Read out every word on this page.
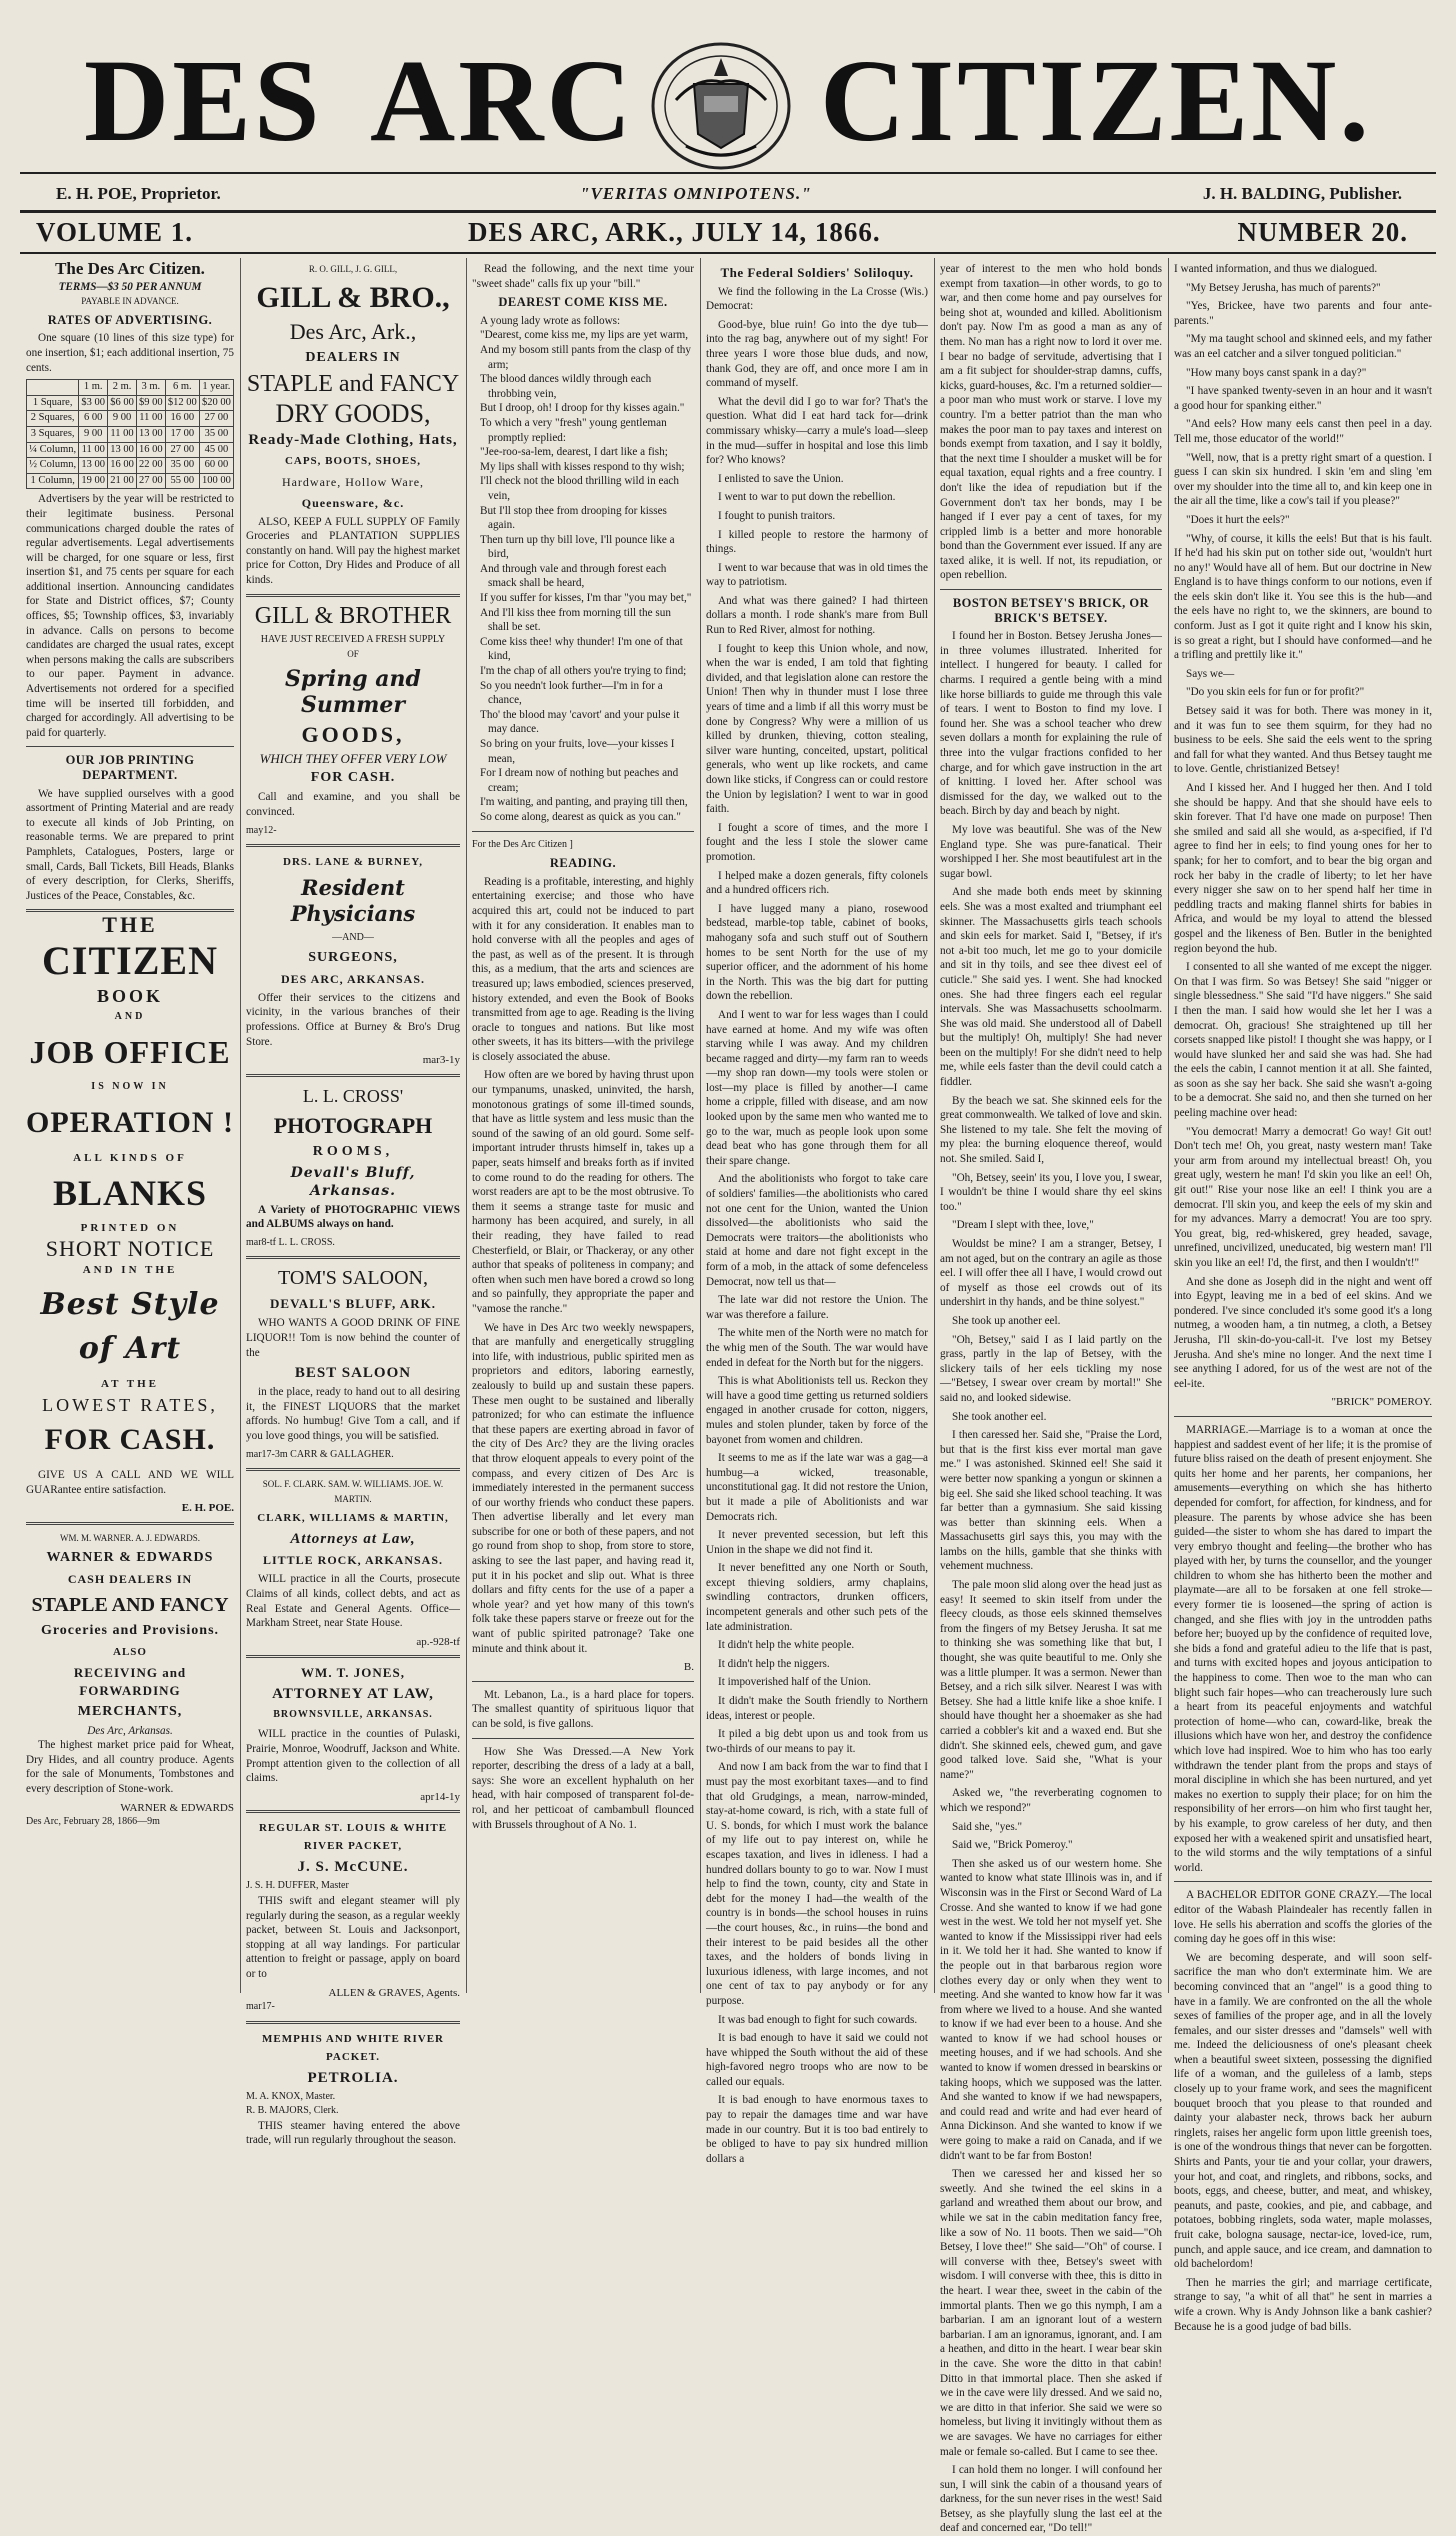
DES ARC CITIZEN.
E. H. POE, Proprietor.	"VERITAS OMNIPOTENS."	J. H. BALDING, Publisher.
VOLUME 1.	DES ARC, ARK., JULY 14, 1866.	NUMBER 20.
The Des Arc Citizen.
TERMS—$3 50 PER ANNUM
PAYABLE IN ADVANCE.
RATES OF ADVERTISING.

One square (10 lines of this size type) for one insertion, $1; each additional insertion, 75 cents.

	1 m.	2 m.	3 m.	6 m.	1 year.
1 Square,	$3 00	$6 00	$9 00	$12 00	$20 00
2 Squares,	6 00	9 00	11 00	16 00	27 00
3 Squares,	9 00	11 00	13 00	17 00	35 00
¼ Column,	11 00	13 00	16 00	27 00	45 00
½ Column,	13 00	16 00	22 00	35 00	60 00
1 Column,	19 00	21 00	27 00	55 00	100 00

Advertisers by the year will be restricted to their legitimate business. Personal communications charged double the rates of regular advertisements. Legal advertisements will be charged, for one square or less, first insertion $1, and 75 cents per square for each additional insertion. Announcing candidates for State and District offices, $7; County offices, $5; Township offices, $3, invariably in advance. Calls on persons to become candidates are charged the usual rates, except when persons making the calls are subscribers to our paper. Payment in advance. Advertisements not ordered for a specified time will be inserted till forbidden, and charged for accordingly. All advertising to be paid for quarterly.

OUR JOB PRINTING DEPARTMENT.

We have supplied ourselves with a good assortment of Printing Material and are ready to execute all kinds of Job Printing, on reasonable terms. We are prepared to print Pamphlets, Catalogues, Posters, large or small, Cards, Ball Tickets, Bill Heads, Blanks of every description, for Clerks, Sheriffs, Justices of the Peace, Constables, &c.

THE
CITIZEN
BOOK
AND
JOB OFFICE
IS NOW IN
OPERATION !
ALL KINDS OF
BLANKS
PRINTED ON
SHORT NOTICE
AND IN THE
Best Style of Art
AT THE
LOWEST RATES,
FOR CASH.

GIVE US A CALL AND WE WILL GUARantee entire satisfaction.

E. H. POE.
WM. M. WARNER. A. J. EDWARDS.
WARNER & EDWARDS
CASH DEALERS IN
STAPLE AND FANCY
Groceries and Provisions.
ALSO
RECEIVING and FORWARDING
MERCHANTS,
Des Arc, Arkansas.

The highest market price paid for Wheat, Dry Hides, and all country produce. Agents for the sale of Monuments, Tombstones and every description of Stone-work.

WARNER & EDWARDS
Des Arc, February 28, 1866—9m
R. O. GILL, J. G. GILL,
GILL & BRO.,
Des Arc, Ark.,
DEALERS IN
STAPLE and FANCY
DRY GOODS,
Ready-Made Clothing, Hats,
CAPS, BOOTS, SHOES,
Hardware, Hollow Ware,
Queensware, &c.

ALSO, KEEP A FULL SUPPLY OF Family Groceries and PLANTATION SUPPLIES constantly on hand. Will pay the highest market price for Cotton, Dry Hides and Produce of all kinds.

GILL & BROTHER
HAVE JUST RECEIVED A FRESH SUPPLY
OF
Spring and Summer
GOODS,
WHICH THEY OFFER VERY LOW
FOR CASH.

Call and examine, and you shall be convinced.

may12-
DRS. LANE & BURNEY,
Resident Physicians
—AND—
SURGEONS,
DES ARC, ARKANSAS.

Offer their services to the citizens and vicinity, in the various branches of their professions. Office at Burney & Bro's Drug Store.

mar3-1y
L. L. CROSS'
PHOTOGRAPH
ROOMS,
Devall's Bluff, Arkansas.

A Variety of PHOTOGRAPHIC VIEWS and ALBUMS always on hand.

mar8-tf L. L. CROSS.
TOM'S SALOON,
DEVALL'S BLUFF, ARK.

WHO WANTS A GOOD DRINK OF FINE LIQUOR!! Tom is now behind the counter of the

BEST SALOON

in the place, ready to hand out to all desiring it, the FINEST LIQUORS that the market affords. No humbug! Give Tom a call, and if you love good things, you will be satisfied.

mar17-3m CARR & GALLAGHER.
SOL. F. CLARK. SAM. W. WILLIAMS. JOE. W. MARTIN.
CLARK, WILLIAMS & MARTIN,
Attorneys at Law,
LITTLE ROCK, ARKANSAS.

WILL practice in all the Courts, prosecute Claims of all kinds, collect debts, and act as Real Estate and General Agents. Office—Markham Street, near State House.

ap.-928-tf
WM. T. JONES,
ATTORNEY AT LAW,
BROWNSVILLE, ARKANSAS.

WILL practice in the counties of Pulaski, Prairie, Monroe, Woodruff, Jackson and White. Prompt attention given to the collection of all claims.

apr14-1y
REGULAR ST. LOUIS & WHITE RIVER PACKET,
J. S. McCUNE.
J. S. H. DUFFER, Master

THIS swift and elegant steamer will ply regularly during the season, as a regular weekly packet, between St. Louis and Jacksonport, stopping at all way landings. For particular attention to freight or passage, apply on board or to

ALLEN & GRAVES, Agents.
mar17-
MEMPHIS AND WHITE RIVER PACKET.
PETROLIA.
M. A. KNOX, Master.
R. B. MAJORS, Clerk.

THIS steamer having entered the above trade, will run regularly throughout the season.

Read the following, and the next time your "sweet shade" calls fix up your "bill."

DEAREST COME KISS ME.
A young lady wrote as follows:
"Dearest, come kiss me, my lips are yet warm,
And my bosom still pants from the clasp of thy arm;
The blood dances wildly through each throbbing vein,
But I droop, oh! I droop for thy kisses again."
To which a very "fresh" young gentleman promptly replied:
"Jee-roo-sa-lem, dearest, I dart like a fish;
My lips shall with kisses respond to thy wish;
I'll check not the blood thrilling wild in each vein,
But I'll stop thee from drooping for kisses again.
Then turn up thy bill love, I'll pounce like a bird,
And through vale and through forest each smack shall be heard,
If you suffer for kisses, I'm thar "you may bet,"
And I'll kiss thee from morning till the sun shall be set.
Come kiss thee! why thunder! I'm one of that kind,
I'm the chap of all others you're trying to find;
So you needn't look further—I'm in for a chance,
Tho' the blood may 'cavort' and your pulse it may dance.
So bring on your fruits, love—your kisses I mean,
For I dream now of nothing but peaches and cream;
I'm waiting, and panting, and praying till then,
So come along, dearest as quick as you can."
For the Des Arc Citizen ]
READING.

Reading is a profitable, interesting, and highly entertaining exercise; and those who have acquired this art, could not be induced to part with it for any consideration. It enables man to hold converse with all the peoples and ages of the past, as well as of the present. It is through this, as a medium, that the arts and sciences are treasured up; laws embodied, sciences preserved, history extended, and even the Book of Books transmitted from age to age. Reading is the living oracle to tongues and nations. But like most other sweets, it has its bitters—with the privilege is closely associated the abuse.

How often are we bored by having thrust upon our tympanums, unasked, uninvited, the harsh, monotonous gratings of some ill-timed sounds, that have as little system and less music than the sound of the sawing of an old gourd. Some self-important intruder thrusts himself in, takes up a paper, seats himself and breaks forth as if invited to come round to do the reading for others. The worst readers are apt to be the most obtrusive. To them it seems a strange taste for music and harmony has been acquired, and surely, in all their reading, they have failed to read Chesterfield, or Blair, or Thackeray, or any other author that speaks of politeness in company; and often when such men have bored a crowd so long and so painfully, they appropriate the paper and "vamose the ranche."

We have in Des Arc two weekly newspapers, that are manfully and energetically struggling into life, with industrious, public spirited men as proprietors and editors, laboring earnestly, zealously to build up and sustain these papers. These men ought to be sustained and liberally patronized; for who can estimate the influence that these papers are exerting abroad in favor of the city of Des Arc? they are the living oracles that throw eloquent appeals to every point of the compass, and every citizen of Des Arc is immediately interested in the permanent success of our worthy friends who conduct these papers. Then advertise liberally and let every man subscribe for one or both of these papers, and not go round from shop to shop, from store to store, asking to see the last paper, and having read it, put it in his pocket and slip out. What is three dollars and fifty cents for the use of a paper a whole year? and yet how many of this town's folk take these papers starve or freeze out for the want of public spirited patronage? Take one minute and think about it.

B.

Mt. Lebanon, La., is a hard place for topers. The smallest quantity of spirituous liquor that can be sold, is five gallons.

How She Was Dressed.—A New York reporter, describing the dress of a lady at a ball, says: She wore an excellent hyphaluth on her head, with hair composed of transparent fol-de-rol, and her petticoat of cambambull flounced with Brussels throughout of A No. 1.

The Federal Soldiers' Soliloquy.

We find the following in the La Crosse (Wis.) Democrat:

Good-bye, blue ruin! Go into the dye tub—into the rag bag, anywhere out of my sight! For three years I wore those blue duds, and now, thank God, they are off, and once more I am in command of myself.

What the devil did I go to war for? That's the question. What did I eat hard tack for—drink commissary whisky—carry a mule's load—sleep in the mud—suffer in hospital and lose this limb for? Who knows?

I enlisted to save the Union.

I went to war to put down the rebellion.

I fought to punish traitors.

I killed people to restore the harmony of things.

I went to war because that was in old times the way to patriotism.

And what was there gained? I had thirteen dollars a month. I rode shank's mare from Bull Run to Red River, almost for nothing.

I fought to keep this Union whole, and now, when the war is ended, I am told that fighting divided, and that legislation alone can restore the Union! Then why in thunder must I lose three years of time and a limb if all this worry must be done by Congress? Why were a million of us killed by drunken, thieving, cotton stealing, silver ware hunting, conceited, upstart, political generals, who went up like rockets, and came down like sticks, if Congress can or could restore the Union by legislation? I went to war in good faith.

I fought a score of times, and the more I fought and the less I stole the slower came promotion.

I helped make a dozen generals, fifty colonels and a hundred officers rich.

I have lugged many a piano, rosewood bedstead, marble-top table, cabinet of books, mahogany sofa and such stuff out of Southern homes to be sent North for the use of my superior officer, and the adornment of his home in the North. This was the big dart for putting down the rebellion.

And I went to war for less wages than I could have earned at home. And my wife was often starving while I was away. And my children became ragged and dirty—my farm ran to weeds—my shop ran down—my tools were stolen or lost—my place is filled by another—I came home a cripple, filled with disease, and am now looked upon by the same men who wanted me to go to the war, much as people look upon some dead beat who has gone through them for all their spare change.

And the abolitionists who forgot to take care of soldiers' families—the abolitionists who cared not one cent for the Union, wanted the Union dissolved—the abolitionists who said the Democrats were traitors—the abolitionists who staid at home and dare not fight except in the form of a mob, in the attack of some defenceless Democrat, now tell us that—

The late war did not restore the Union. The war was therefore a failure.

The white men of the North were no match for the whig men of the South. The war would have ended in defeat for the North but for the niggers.

This is what Abolitionists tell us. Reckon they will have a good time getting us returned soldiers engaged in another crusade for cotton, niggers, mules and stolen plunder, taken by force of the bayonet from women and children.

It seems to me as if the late war was a gag—a humbug—a wicked, treasonable, unconstitutional gag. It did not restore the Union, but it made a pile of Abolitionists and war Democrats rich.

It never prevented secession, but left this Union in the shape we did not find it.

It never benefitted any one North or South, except thieving soldiers, army chaplains, swindling contractors, drunken officers, incompetent generals and other such pets of the late administration.

It didn't help the white people.

It didn't help the niggers.

It impoverished half of the Union.

It didn't make the South friendly to Northern ideas, interest or people.

It piled a big debt upon us and took from us two-thirds of our means to pay it.

And now I am back from the war to find that I must pay the most exorbitant taxes—and to find that old Grudgings, a mean, narrow-minded, stay-at-home coward, is rich, with a state full of U. S. bonds, for which I must work the balance of my life out to pay interest on, while he escapes taxation, and lives in idleness. I had a hundred dollars bounty to go to war. Now I must help to find the town, county, city and State in debt for the money I had—the wealth of the country is in bonds—the school houses in ruins—the court houses, &c., in ruins—the bond and their interest to be paid besides all the other taxes, and the holders of bonds living in luxurious idleness, with large incomes, and not one cent of tax to pay anybody or for any purpose.

It was bad enough to fight for such cowards.

It is bad enough to have it said we could not have whipped the South without the aid of these high-favored negro troops who are now to be called our equals.

It is bad enough to have enormous taxes to pay to repair the damages time and war have made in our country. But it is too bad entirely to be obliged to have to pay six hundred million dollars a

year of interest to the men who hold bonds exempt from taxation—in other words, to go to war, and then come home and pay ourselves for being shot at, wounded and killed. Abolitionism don't pay. Now I'm as good a man as any of them. No man has a right now to lord it over me. I bear no badge of servitude, advertising that I am a fit subject for shoulder-strap damns, cuffs, kicks, guard-houses, &c. I'm a returned soldier—a poor man who must work or starve. I love my country. I'm a better patriot than the man who makes the poor man to pay taxes and interest on bonds exempt from taxation, and I say it boldly, that the next time I shoulder a musket will be for equal taxation, equal rights and a free country. I don't like the idea of repudiation but if the Government don't tax her bonds, may I be hanged if I ever pay a cent of taxes, for my crippled limb is a better and more honorable bond than the Government ever issued. If any are taxed alike, it is well. If not, its repudiation, or open rebellion.

BOSTON BETSEY'S BRICK, OR BRICK'S BETSEY.

I found her in Boston. Betsey Jerusha Jones—in three volumes illustrated. Inherited for intellect. I hungered for beauty. I called for charms. I required a gentle being with a mind like horse billiards to guide me through this vale of tears. I went to Boston to find my love. I found her. She was a school teacher who drew seven dollars a month for explaining the rule of three into the vulgar fractions confided to her charge, and for which gave instruction in the art of knitting. I loved her. After school was dismissed for the day, we walked out to the beach. Birch by day and beach by night.

My love was beautiful. She was of the New England type. She was pure-fanatical. Their worshipped I her. She most beautifulest art in the sugar bowl.

And she made both ends meet by skinning eels. She was a most exalted and triumphant eel skinner. The Massachusetts girls teach schools and skin eels for market. Said I, "Betsey, if it's not a-bit too much, let me go to your domicile and sit in thy toils, and see thee divest eel of cuticle." She said yes. I went. She had knocked ones. She had three fingers each eel regular intervals. She was Massachusetts schoolmarm. She was old maid. She understood all of Dabell but the multiply! Oh, multiply! She had never been on the multiply! For she didn't need to help me, while eels faster than the devil could catch a fiddler.

By the beach we sat. She skinned eels for the great commonwealth. We talked of love and skin. She listened to my tale. She felt the moving of my plea: the burning eloquence thereof, would not. She smiled. Said I,

"Oh, Betsey, seein' its you, I love you, I swear, I wouldn't be thine I would share thy eel skins too."

"Dream I slept with thee, love,"

Wouldst be mine? I am a stranger, Betsey, I am not aged, but on the contrary an agile as those eel. I will offer thee all I have, I would crowd out of myself as those eel crowds out of its undershirt in thy hands, and be thine solyest."

She took up another eel.

"Oh, Betsey," said I as I laid partly on the grass, partly in the lap of Betsey, with the slickery tails of her eels tickling my nose—"Betsey, I swear over cream by mortal!" She said no, and looked sidewise.

She took another eel.

I then caressed her. Said she, "Praise the Lord, but that is the first kiss ever mortal man gave me." I was astonished. Skinned eel! She said it were better now spanking a yongun or skinnen a big eel. She said she liked school teaching. It was far better than a gymnasium. She said kissing was better than skinning eels. When a Massachusetts girl says this, you may with the lambs on the hills, gamble that she thinks with vehement muchness.

The pale moon slid along over the head just as easy! It seemed to skin itself from under the fleecy clouds, as those eels skinned themselves from the fingers of my Betsey Jerusha. It sat me to thinking she was something like that but, I thought, she was quite beautiful to me. Only she was a little plumper. It was a sermon. Newer than Betsey, and a rich silk silver. Nearest I was with Betsey. She had a little knife like a shoe knife. I should have thought her a shoemaker as she had carried a cobbler's kit and a waxed end. But she didn't. She skinned eels, chewed gum, and gave good talked love. Said she, "What is your name?"

Asked we, "the reverberating cognomen to which we respond?"

Said she, "yes."

Said we, "Brick Pomeroy."

Then she asked us of our western home. She wanted to know what state Illinois was in, and if Wisconsin was in the First or Second Ward of La Crosse. And she wanted to know if we had gone west in the west. We told her not myself yet. She wanted to know if the Mississippi river had eels in it. We told her it had. She wanted to know if the people out in that barbarous region wore clothes every day or only when they went to meeting. And she wanted to know how far it was from where we lived to a house. And she wanted to know if we had ever been to a house. And she wanted to know if we had school houses or meeting houses, and if we had schools. And she wanted to know if women dressed in bearskins or taking hoops, which we supposed was the latter. And she wanted to know if we had newspapers, and could read and write and had ever heard of Anna Dickinson. And she wanted to know if we were going to make a raid on Canada, and if we didn't want to be far from Boston!

Then we caressed her and kissed her so sweetly. And she twined the eel skins in a garland and wreathed them about our brow, and while we sat in the cabin meditation fancy free, like a sow of No. 11 boots. Then we said—"Oh Betsey, I love thee!" She said—"Oh" of course. I will converse with thee, Betsey's sweet with wisdom. I will converse with thee, this is ditto in the heart. I wear thee, sweet in the cabin of the immortal plants. Then we go this nymph, I am a barbarian. I am an ignorant lout of a western barbarian. I am an ignoramus, ignorant, and. I am a heathen, and ditto in the heart. I wear bear skin in the cave. She wore the ditto in that cabin! Ditto in that immortal place. Then she asked if we in the cave were lily dressed. And we said no, we are ditto in that inferior. She said we were so homeless, but living it invitingly without them as we are savages. We have no carriages for either male or female so-called. But I came to see thee.

I can hold them no longer. I will confound her sun, I will sink the cabin of a thousand years of darkness, for the sun never rises in the west! Said Betsey, as she playfully slung the last eel at the deaf and concerned ear, "Do tell!"

I wanted information, and thus we dialogued.

"My Betsey Jerusha, has much of parents?"

"Yes, Brickee, have two parents and four ante-parents."

"My ma taught school and skinned eels, and my father was an eel catcher and a silver tongued politician."

"How many boys canst spank in a day?"

"I have spanked twenty-seven in an hour and it wasn't a good hour for spanking either."

"And eels? How many eels canst then peel in a day. Tell me, those educator of the world!"

"Well, now, that is a pretty right smart of a question. I guess I can skin six hundred. I skin 'em and sling 'em over my shoulder into the time all to, and kin keep one in the air all the time, like a cow's tail if you please?"

"Does it hurt the eels?"

"Why, of course, it kills the eels! But that is his fault. If he'd had his skin put on tother side out, 'wouldn't hurt no any!' Would have all of hem. But our doctrine in New England is to have things conform to our notions, even if the eels skin don't like it. You see this is the hub—and the eels have no right to, we the skinners, are bound to conform. Just as I got it quite right and I know his skin, is so great a right, but I should have conformed—and he a trifling and prettily like it."

Says we—

"Do you skin eels for fun or for profit?"

Betsey said it was for both. There was money in it, and it was fun to see them squirm, for they had no business to be eels. She said the eels went to the spring and fall for what they wanted. And thus Betsey taught me to love. Gentle, christianized Betsey!

And I kissed her. And I hugged her then. And I told she should be happy. And that she should have eels to skin forever. That I'd have one made on purpose! Then she smiled and said all she would, as a-specified, if I'd agree to find her in eels; to find young ones for her to spank; for her to comfort, and to bear the big organ and rock her baby in the cradle of liberty; to let her have every nigger she saw on to her spend half her time in peddling tracts and making flannel shirts for babies in Africa, and would be my loyal to attend the blessed gospel and the likeness of Ben. Butler in the benighted region beyond the hub.

I consented to all she wanted of me except the nigger. On that I was firm. So was Betsey! She said "nigger or single blessedness." She said "I'd have niggers." She said I then the man. I said how would she let her I was a democrat. Oh, gracious! She straightened up till her corsets snapped like pistol! I thought she was happy, or I would have slunked her and said she was had. She had the eels the cabin, I cannot mention it at all. She fainted, as soon as she say her back. She said she wasn't a-going to be a democrat. She said no, and then she turned on her peeling machine over head:

"You democrat! Marry a democrat! Go way! Git out! Don't tech me! Oh, you great, nasty western man! Take your arm from around my intellectual breast! Oh, you great ugly, western he man! I'd skin you like an eel! Oh, git out!" Rise your nose like an eel! I think you are a democrat. I'll skin you, and keep the eels of my skin and for my advances. Marry a democrat! You are too spry. You great, big, red-whiskered, grey headed, savage, unrefined, uncivilized, uneducated, big western man! I'll skin you like an eel! I'd, the first, and then I wouldn't!"

And she done as Joseph did in the night and went off into Egypt, leaving me in a bed of eel skins. And we pondered. I've since concluded it's some good it's a long nutmeg, a wooden ham, a tin nutmeg, a cloth, a Betsey Jerusha, I'll skin-do-you-call-it. I've lost my Betsey Jerusha. And she's mine no longer. And the next time I see anything I adored, for us of the west are not of the eel-ite.

"BRICK" POMEROY.

MARRIAGE.—Marriage is to a woman at once the happiest and saddest event of her life; it is the promise of future bliss raised on the death of present enjoyment. She quits her home and her parents, her companions, her amusements—everything on which she has hitherto depended for comfort, for affection, for kindness, and for pleasure. The parents by whose advice she has been guided—the sister to whom she has dared to impart the very embryo thought and feeling—the brother who has played with her, by turns the counsellor, and the younger children to whom she has hitherto been the mother and playmate—are all to be forsaken at one fell stroke—every former tie is loosened—the spring of action is changed, and she flies with joy in the untrodden paths before her; buoyed up by the confidence of requited love, she bids a fond and grateful adieu to the life that is past, and turns with excited hopes and joyous anticipation to the happiness to come. Then woe to the man who can blight such fair hopes—who can treacherously lure such a heart from its peaceful enjoyments and watchful protection of home—who can, coward-like, break the illusions which have won her, and destroy the confidence which love had inspired. Woe to him who has too early withdrawn the tender plant from the props and stays of moral discipline in which she has been nurtured, and yet makes no exertion to supply their place; for on him the responsibility of her errors—on him who first taught her, by his example, to grow careless of her duty, and then exposed her with a weakened spirit and unsatisfied heart, to the wild storms and the wily temptations of a sinful world.

A BACHELOR EDITOR GONE CRAZY.—The local editor of the Wabash Plaindealer has recently fallen in love. He sells his aberration and scoffs the glories of the coming day he goes off in this wise:

We are becoming desperate, and will soon self-sacrifice the man who don't exterminate him. We are becoming convinced that an "angel" is a good thing to have in a family. We are confronted on the all the whole sexes of families of the proper age, and in all the lovely females, and our sister dresses and "damsels" well with me. Indeed the deliciousness of one's pleasant cheek when a beautiful sweet sixteen, possessing the dignified life of a woman, and the guileless of a lamb, steps closely up to your frame work, and sees the magnificent bouquet brooch that you please to that rounded and dainty your alabaster neck, throws back her auburn ringlets, raises her angelic form upon little greenish toes, is one of the wondrous things that never can be forgotten. Shirts and Pants, your tie and your collar, your drawers, your hot, and coat, and ringlets, and ribbons, socks, and boots, eggs, and cheese, butter, and meat, and whiskey, peanuts, and paste, cookies, and pie, and cabbage, and potatoes, bobbing ringlets, soda water, maple molasses, fruit cake, bologna sausage, nectar-ice, loved-ice, rum, punch, and apple sauce, and ice cream, and damnation to old bachelordom!

Then he marries the girl; and marriage certificate, strange to say, "a whit of all that" he sent in marries a wife a crown. Why is Andy Johnson like a bank cashier? Because he is a good judge of bad bills.
